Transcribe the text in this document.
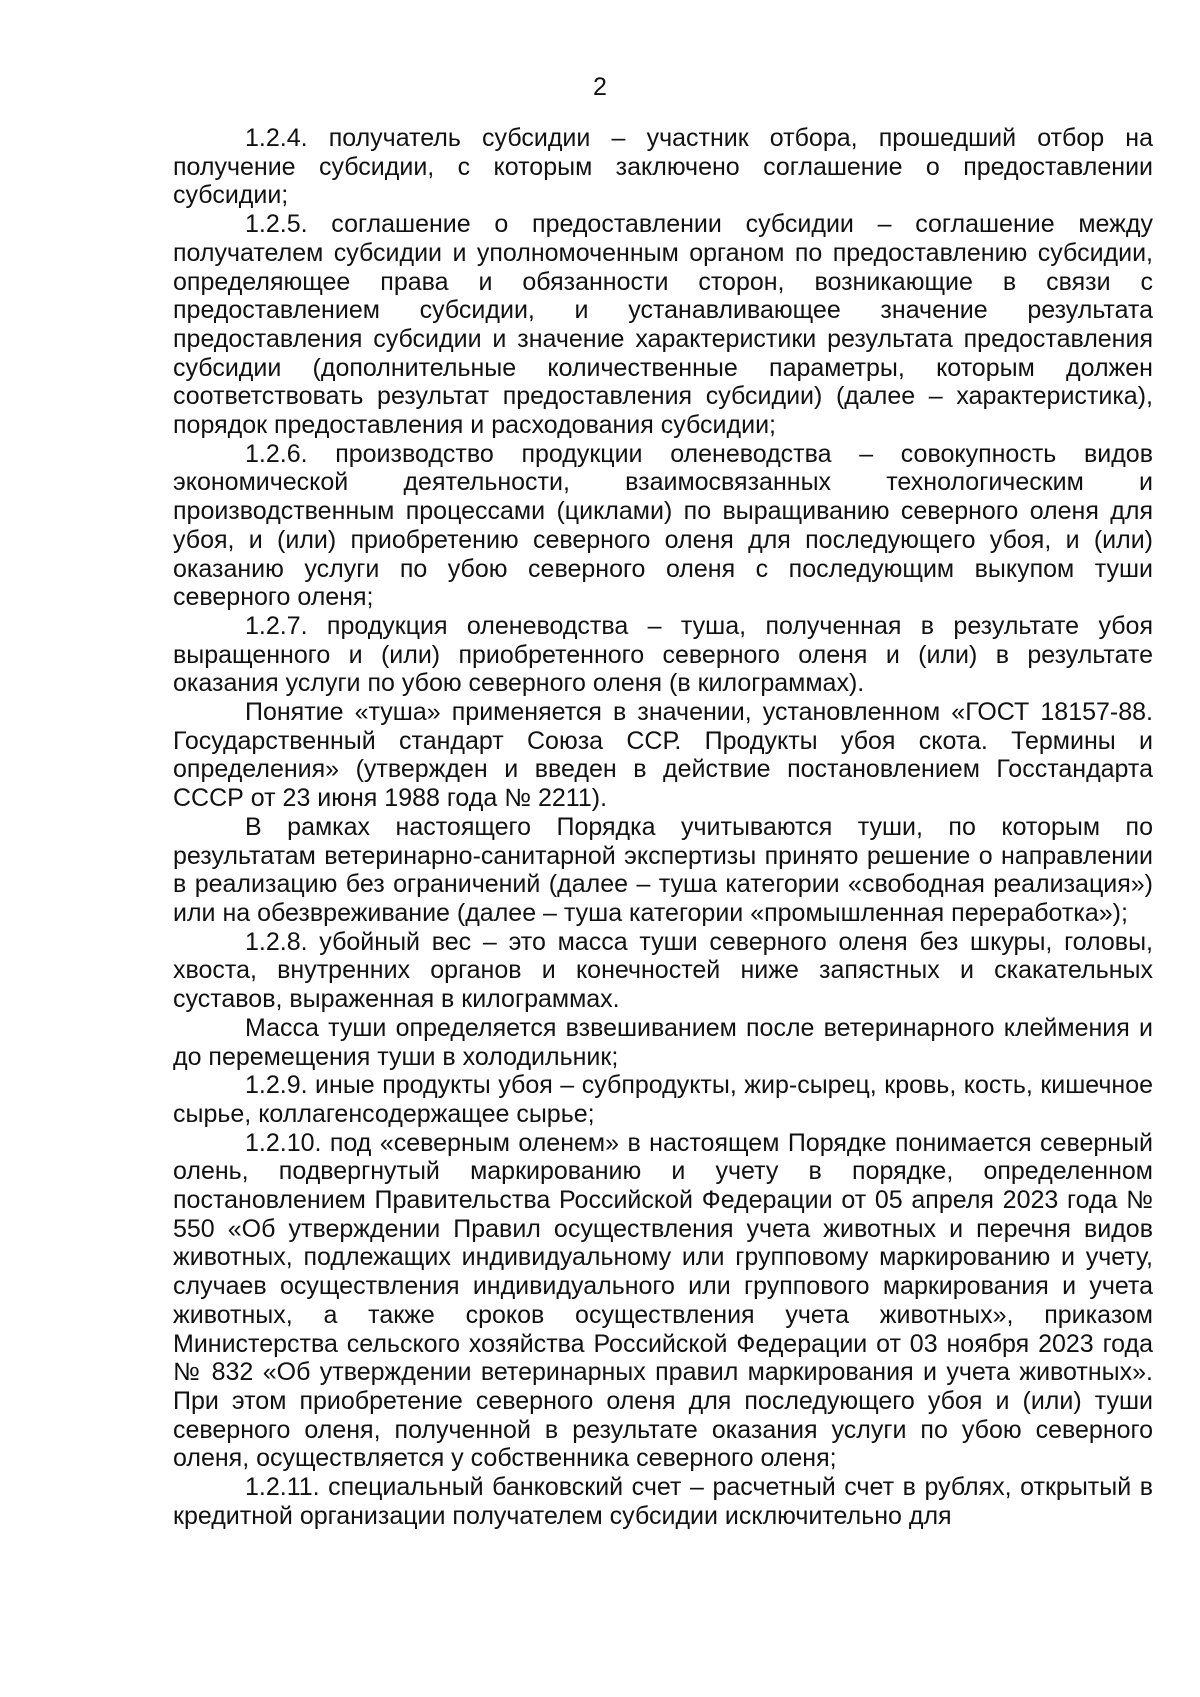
2

1.2.4. получатель субсидии – участник отбора, прошедший отбор на получение субсидии, с которым заключено соглашение о предоставлении субсидии;

1.2.5. соглашение о предоставлении субсидии – соглашение между получателем субсидии и уполномоченным органом по предоставлению субсидии, определяющее права и обязанности сторон, возникающие в связи с предоставлением субсидии, и устанавливающее значение результата предоставления субсидии и значение характеристики результата предоставления субсидии (дополнительные количественные параметры, которым должен соответствовать результат предоставления субсидии) (далее – характеристика), порядок предоставления и расходования субсидии;

1.2.6. производство продукции оленеводства – совокупность видов экономической деятельности, взаимосвязанных технологическим и производственным процессами (циклами) по выращиванию северного оленя для убоя, и (или) приобретению северного оленя для последующего убоя, и (или) оказанию услуги по убою северного оленя с последующим выкупом туши северного оленя;

1.2.7. продукция оленеводства – туша, полученная в результате убоя выращенного и (или) приобретенного северного оленя и (или) в результате оказания услуги по убою северного оленя (в килограммах).

Понятие «туша» применяется в значении, установленном «ГОСТ 18157-88. Государственный стандарт Союза ССР. Продукты убоя скота. Термины и определения» (утвержден и введен в действие постановлением Госстандарта СССР от 23 июня 1988 года № 2211).

В рамках настоящего Порядка учитываются туши, по которым по результатам ветеринарно-санитарной экспертизы принято решение о направлении в реализацию без ограничений (далее – туша категории «свободная реализация») или на обезвреживание (далее – туша категории «промышленная переработка»);

1.2.8. убойный вес – это масса туши северного оленя без шкуры, головы, хвоста, внутренних органов и конечностей ниже запястных и скакательных суставов, выраженная в килограммах.

Масса туши определяется взвешиванием после ветеринарного клеймения и до перемещения туши в холодильник;

1.2.9. иные продукты убоя – субпродукты, жир-сырец, кровь, кость, кишечное сырье, коллагенсодержащее сырье;

1.2.10. под «северным оленем» в настоящем Порядке понимается северный олень, подвергнутый маркированию и учету в порядке, определенном постановлением Правительства Российской Федерации от 05 апреля 2023 года № 550 «Об утверждении Правил осуществления учета животных и перечня видов животных, подлежащих индивидуальному или групповому маркированию и учету, случаев осуществления индивидуального или группового маркирования и учета животных, а также сроков осуществления учета животных», приказом Министерства сельского хозяйства Российской Федерации от 03 ноября 2023 года № 832 «Об утверждении ветеринарных правил маркирования и учета животных». При этом приобретение северного оленя для последующего убоя и (или) туши северного оленя, полученной в результате оказания услуги по убою северного оленя, осуществляется у собственника северного оленя;

1.2.11. специальный банковский счет – расчетный счет в рублях, открытый в кредитной организации получателем субсидии исключительно для
